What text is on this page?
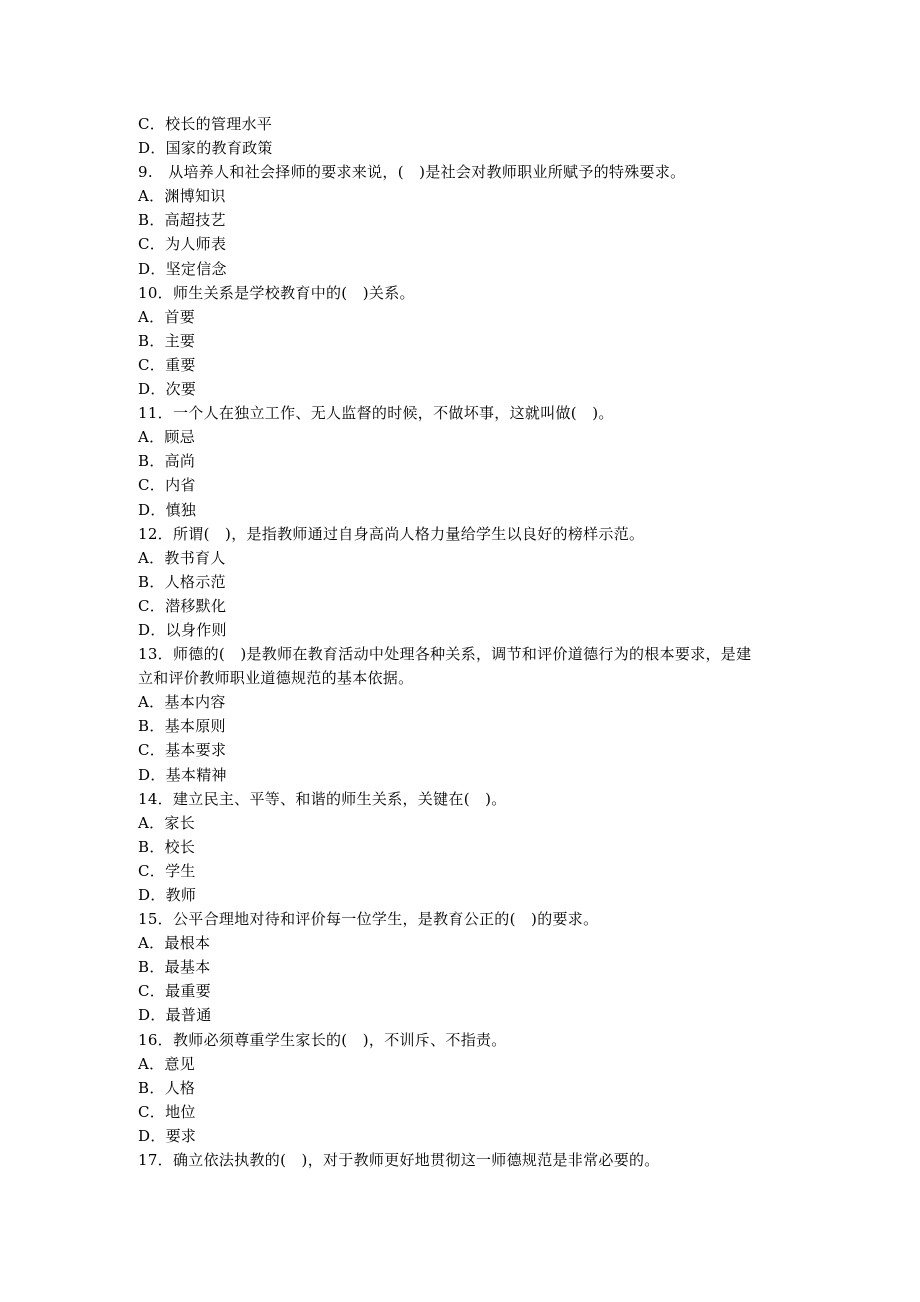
C．校长的管理水平
D．国家的教育政策
9.　从培养人和社会择师的要求来说，(　)是社会对教师职业所赋予的特殊要求。
A．渊博知识
B．高超技艺
C．为人师表
D．坚定信念
10．师生关系是学校教育中的(　)关系。
A．首要
B．主要
C．重要
D．次要
11．一个人在独立工作、无人监督的时候，不做坏事，这就叫做(　)。
A．顾忌
B．高尚
C．内省
D．慎独
12．所谓(　)，是指教师通过自身高尚人格力量给学生以良好的榜样示范。
A．教书育人
B．人格示范
C．潜移默化
D．以身作则
13．师德的(　)是教师在教育活动中处理各种关系，调节和评价道德行为的根本要求，是建
立和评价教师职业道德规范的基本依据。
A．基本内容
B．基本原则
C．基本要求
D．基本精神
14．建立民主、平等、和谐的师生关系，关键在(　)。
A．家长
B．校长
C．学生
D．教师
15．公平合理地对待和评价每一位学生，是教育公正的(　)的要求。
A．最根本
B．最基本
C．最重要
D．最普通
16．教师必须尊重学生家长的(　)，不训斥、不指责。
A．意见
B．人格
C．地位
D．要求
17．确立依法执教的(　)，对于教师更好地贯彻这一师德规范是非常必要的。
